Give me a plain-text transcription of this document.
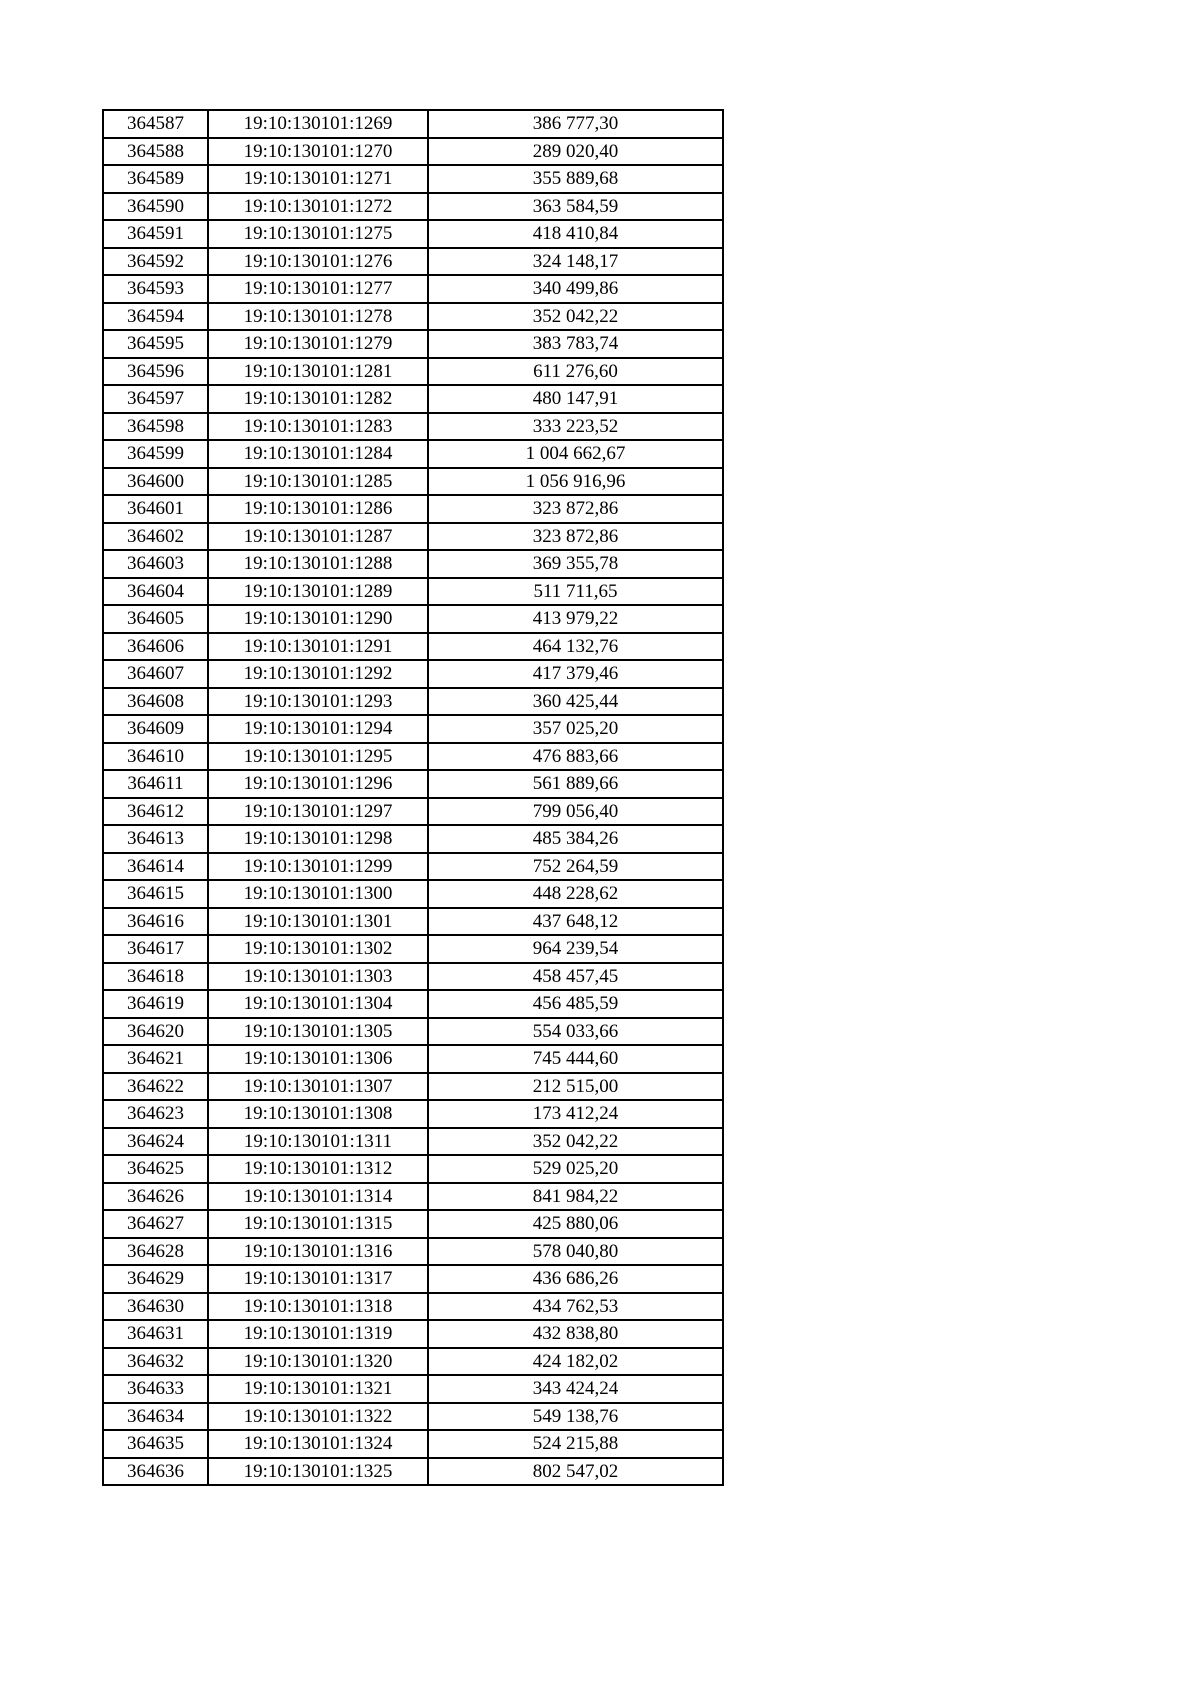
364587	19:10:130101:1269	386 777,30
364588	19:10:130101:1270	289 020,40
364589	19:10:130101:1271	355 889,68
364590	19:10:130101:1272	363 584,59
364591	19:10:130101:1275	418 410,84
364592	19:10:130101:1276	324 148,17
364593	19:10:130101:1277	340 499,86
364594	19:10:130101:1278	352 042,22
364595	19:10:130101:1279	383 783,74
364596	19:10:130101:1281	611 276,60
364597	19:10:130101:1282	480 147,91
364598	19:10:130101:1283	333 223,52
364599	19:10:130101:1284	1 004 662,67
364600	19:10:130101:1285	1 056 916,96
364601	19:10:130101:1286	323 872,86
364602	19:10:130101:1287	323 872,86
364603	19:10:130101:1288	369 355,78
364604	19:10:130101:1289	511 711,65
364605	19:10:130101:1290	413 979,22
364606	19:10:130101:1291	464 132,76
364607	19:10:130101:1292	417 379,46
364608	19:10:130101:1293	360 425,44
364609	19:10:130101:1294	357 025,20
364610	19:10:130101:1295	476 883,66
364611	19:10:130101:1296	561 889,66
364612	19:10:130101:1297	799 056,40
364613	19:10:130101:1298	485 384,26
364614	19:10:130101:1299	752 264,59
364615	19:10:130101:1300	448 228,62
364616	19:10:130101:1301	437 648,12
364617	19:10:130101:1302	964 239,54
364618	19:10:130101:1303	458 457,45
364619	19:10:130101:1304	456 485,59
364620	19:10:130101:1305	554 033,66
364621	19:10:130101:1306	745 444,60
364622	19:10:130101:1307	212 515,00
364623	19:10:130101:1308	173 412,24
364624	19:10:130101:1311	352 042,22
364625	19:10:130101:1312	529 025,20
364626	19:10:130101:1314	841 984,22
364627	19:10:130101:1315	425 880,06
364628	19:10:130101:1316	578 040,80
364629	19:10:130101:1317	436 686,26
364630	19:10:130101:1318	434 762,53
364631	19:10:130101:1319	432 838,80
364632	19:10:130101:1320	424 182,02
364633	19:10:130101:1321	343 424,24
364634	19:10:130101:1322	549 138,76
364635	19:10:130101:1324	524 215,88
364636	19:10:130101:1325	802 547,02
